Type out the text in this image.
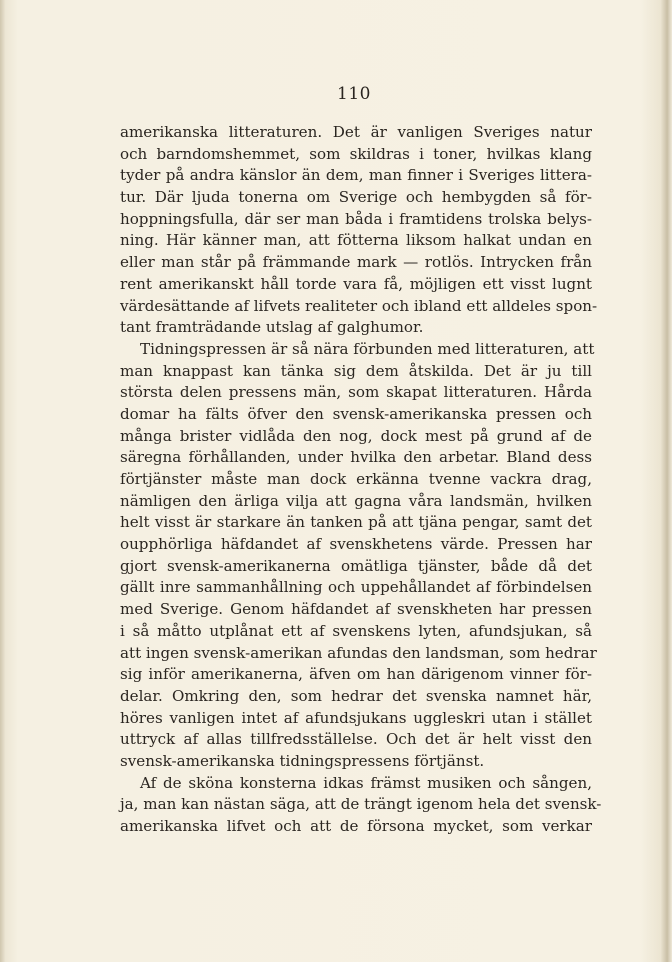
110

amerikanska litteraturen. Det är vanligen Sveriges natur
och barndomshemmet, som skildras i toner, hvilkas klang
tyder på andra känslor än dem, man finner i Sveriges littera-
tur. Där ljuda tonerna om Sverige och hembygden så för-
hoppningsfulla, där ser man båda i framtidens trolska belys-
ning. Här känner man, att fötterna liksom halkat undan en
eller man står på främmande mark — rotlös. Intrycken från
rent amerikanskt håll torde vara få, möjligen ett visst lugnt
värdesättande af lifvets realiteter och ibland ett alldeles spon-
tant framträdande utslag af galghumor.
Tidningspressen är så nära förbunden med litteraturen, att
man knappast kan tänka sig dem åtskilda. Det är ju till
största delen pressens män, som skapat litteraturen. Hårda
domar ha fälts öfver den svensk-amerikanska pressen och
många brister vidlåda den nog, dock mest på grund af de
säregna förhållanden, under hvilka den arbetar. Bland dess
förtjänster måste man dock erkänna tvenne vackra drag,
nämligen den ärliga vilja att gagna våra landsmän, hvilken
helt visst är starkare än tanken på att tjäna pengar, samt det
oupphörliga häfdandet af svenskhetens värde. Pressen har
gjort svensk-amerikanerna omätliga tjänster, både då det
gällt inre sammanhållning och uppehållandet af förbindelsen
med Sverige. Genom häfdandet af svenskheten har pressen
i så måtto utplånat ett af svenskens lyten, afundsjukan, så
att ingen svensk-amerikan afundas den landsman, som hedrar
sig inför amerikanerna, äfven om han därigenom vinner för-
delar. Omkring den, som hedrar det svenska namnet här,
höres vanligen intet af afundsjukans uggleskri utan i stället
uttryck af allas tillfredsställelse. Och det är helt visst den
svensk-amerikanska tidningspressens förtjänst.
Af de sköna konsterna idkas främst musiken och sången,
ja, man kan nästan säga, att de trängt igenom hela det svensk-
amerikanska lifvet och att de försona mycket, som verkar
